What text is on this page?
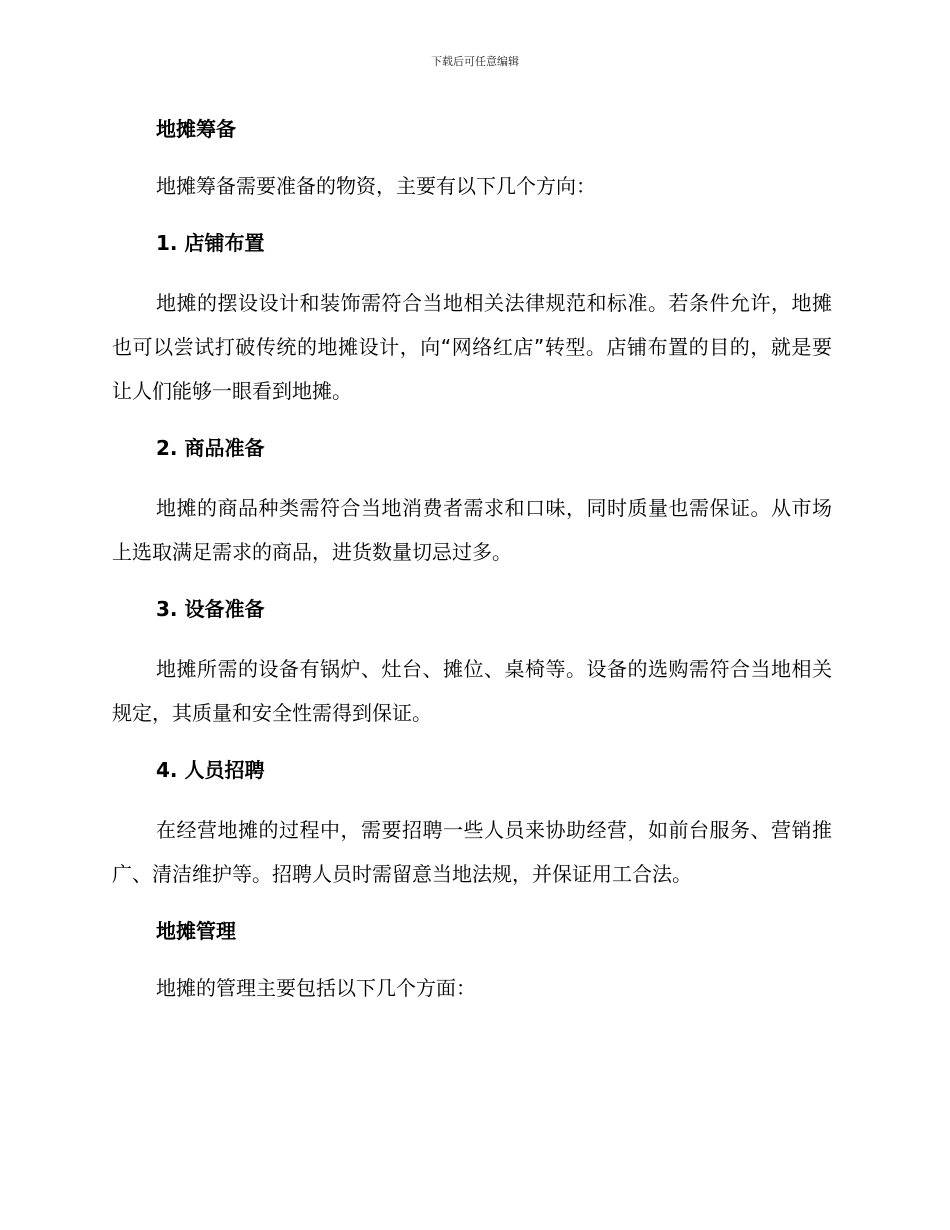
下载后可任意编辑
地摊筹备
地摊筹备需要准备的物资，主要有以下几个方向：
1. 店铺布置
地摊的摆设设计和装饰需符合当地相关法律规范和标准。若条件允许，地摊也可以尝试打破传统的地摊设计，向“网络红店”转型。店铺布置的目的，就是要让人们能够一眼看到地摊。
2. 商品准备
地摊的商品种类需符合当地消费者需求和口味，同时质量也需保证。从市场上选取满足需求的商品，进货数量切忌过多。
3. 设备准备
地摊所需的设备有锅炉、灶台、摊位、桌椅等。设备的选购需符合当地相关规定，其质量和安全性需得到保证。
4. 人员招聘
在经营地摊的过程中，需要招聘一些人员来协助经营，如前台服务、营销推广、清洁维护等。招聘人员时需留意当地法规，并保证用工合法。
地摊管理
地摊的管理主要包括以下几个方面：
